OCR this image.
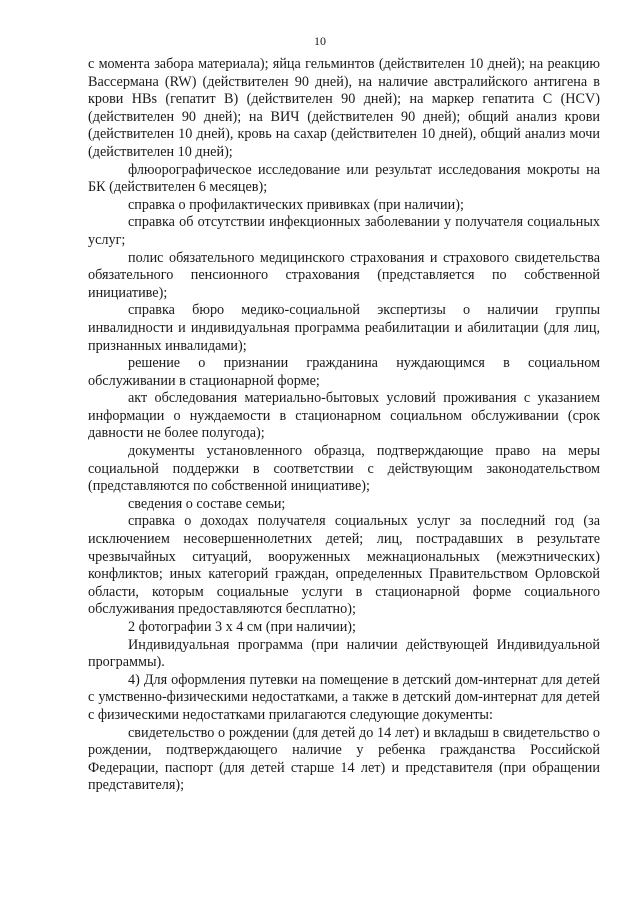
10

с момента забора материала); яйца гельминтов (действителен 10 дней); на реакцию Вассермана (RW) (действителен 90 дней), на наличие австралийского антигена в крови HBs (гепатит В) (действителен 90 дней); на маркер гепатита С (HCV) (действителен 90 дней); на ВИЧ (действителен 90 дней); общий анализ крови (действителен 10 дней), кровь на сахар (действителен 10 дней), общий анализ мочи (действителен 10 дней);

флюорографическое исследование или результат исследования мокроты на БК (действителен 6 месяцев);

справка о профилактических прививках (при наличии);

справка об отсутствии инфекционных заболевании у получателя социальных услуг;

полис обязательного медицинского страхования и страхового свидетельства обязательного пенсионного страхования (представляется по собственной инициативе);

справка бюро медико-социальной экспертизы о наличии группы инвалидности и индивидуальная программа реабилитации и абилитации (для лиц, признанных инвалидами);

решение о признании гражданина нуждающимся в социальном обслуживании в стационарной форме;

акт обследования материально-бытовых условий проживания с указанием информации о нуждаемости в стационарном социальном обслуживании (срок давности не более полугода);

документы установленного образца, подтверждающие право на меры социальной поддержки в соответствии с действующим законодательством (представляются по собственной инициативе);

сведения о составе семьи;

справка о доходах получателя социальных услуг за последний год (за исключением несовершеннолетних детей; лиц, пострадавших в результате чрезвычайных ситуаций, вооруженных межнациональных (межэтнических) конфликтов; иных категорий граждан, определенных Правительством Орловской области, которым социальные услуги в стационарной форме социального обслуживания предоставляются бесплатно);

2 фотографии 3 х 4 см (при наличии);

Индивидуальная программа (при наличии действующей Индивидуальной программы).

4) Для оформления путевки на помещение в детский дом-интернат для детей с умственно-физическими недостатками, а также в детский дом-интернат для детей с физическими недостатками прилагаются следующие документы:

свидетельство о рождении (для детей до 14 лет) и вкладыш в свидетельство о рождении, подтверждающего наличие у ребенка гражданства Российской Федерации, паспорт (для детей старше 14 лет) и представителя (при обращении представителя);
